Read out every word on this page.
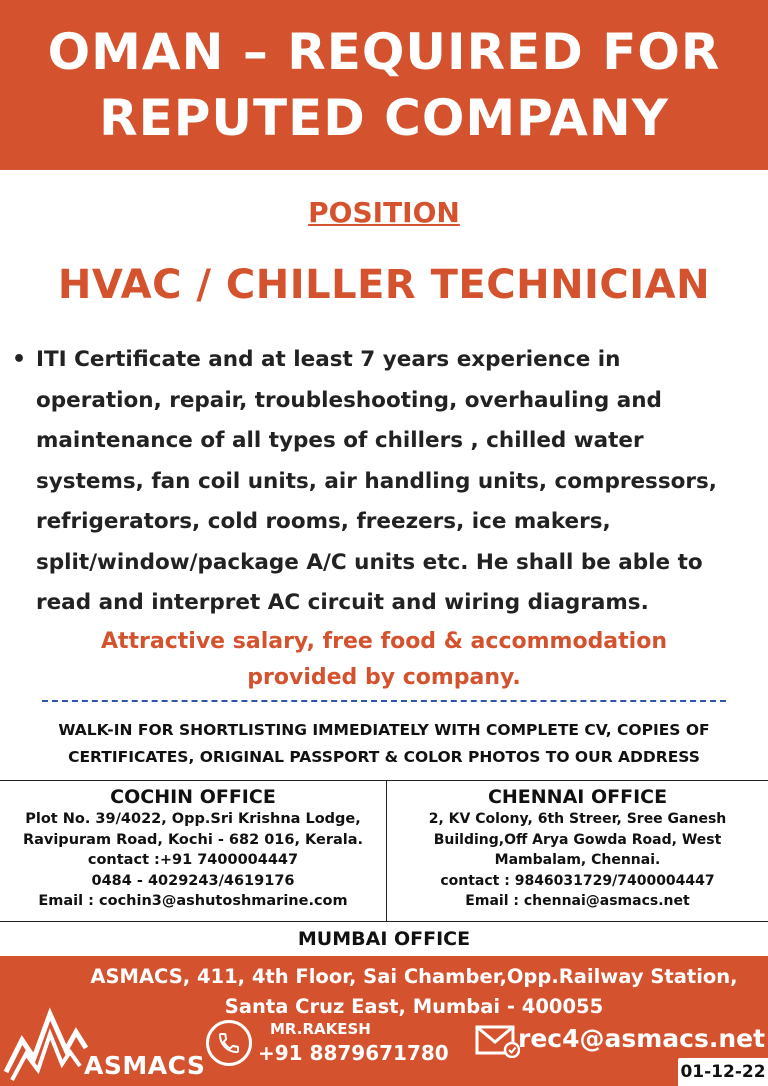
OMAN – REQUIRED FOR
REPUTED COMPANY
POSITION
HVAC / CHILLER TECHNICIAN
• ITI Certificate and at least 7 years experience in
operation, repair, troubleshooting, overhauling and
maintenance of all types of chillers , chilled water
systems, fan coil units, air handling units, compressors,
refrigerators, cold rooms, freezers, ice makers,
split/window/package A/C units etc. He shall be able to
read and interpret AC circuit and wiring diagrams.
Attractive salary, free food & accommodation
provided by company.
WALK-IN FOR SHORTLISTING IMMEDIATELY WITH COMPLETE CV, COPIES OF
CERTIFICATES, ORIGINAL PASSPORT & COLOR PHOTOS TO OUR ADDRESS
COCHIN OFFICE
Plot No. 39/4022, Opp.Sri Krishna Lodge,
Ravipuram Road, Kochi - 682 016, Kerala.
contact :+91 7400004447
0484 - 4029243/4619176
Email : cochin3@ashutoshmarine.com
CHENNAI OFFICE
2, KV Colony, 6th Streer, Sree Ganesh
Building,Off Arya Gowda Road, West
Mambalam, Chennai.
contact : 9846031729/7400004447
Email : chennai@asmacs.net
MUMBAI OFFICE
ASMACS, 411, 4th Floor, Sai Chamber,Opp.Railway Station,
Santa Cruz East, Mumbai - 400055
ASMACS
MR.RAKESH
+91 8879671780	rec4@asmacs.net
01-12-22
